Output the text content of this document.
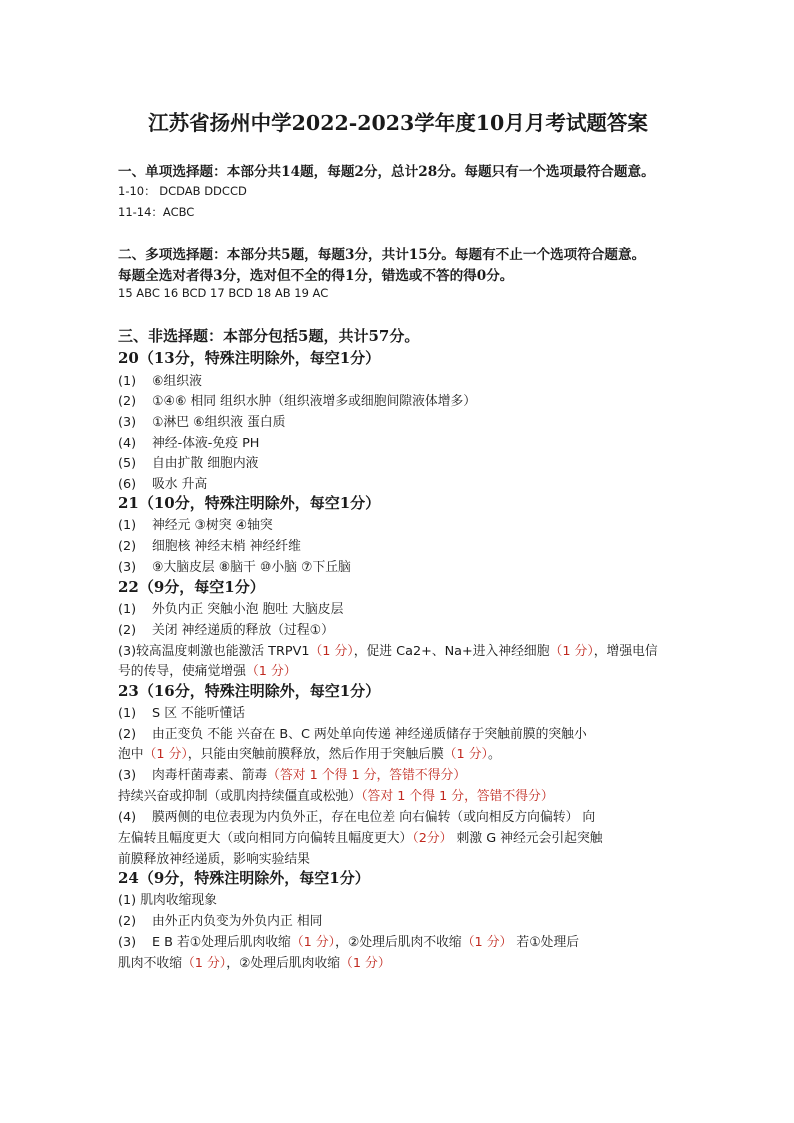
江苏省扬州中学2022-2023学年度10月月考试题答案
一、单项选择题：本部分共14题，每题2分，总计28分。每题只有一个选项最符合题意。
1-10： DCDAB DDCCD
11-14：ACBC
二、多项选择题：本部分共5题，每题3分，共计15分。每题有不止一个选项符合题意。
每题全选对者得3分，选对但不全的得1分，错选或不答的得0分。
15 ABC 16 BCD 17 BCD 18 AB 19 AC
三、非选择题：本部分包括5题，共计57分。
20（13分，特殊注明除外，每空1分）
(1) ⑥组织液
(2) ①④⑥ 相同 组织水肿（组织液增多或细胞间隙液体增多）
(3) ①淋巴 ⑥组织液 蛋白质
(4) 神经-体液-免疫 PH
(5) 自由扩散 细胞内液
(6) 吸水 升高
21（10分，特殊注明除外，每空1分）
(1) 神经元 ③树突 ④轴突
(2) 细胞核 神经末梢 神经纤维
(3) ⑨大脑皮层 ⑧脑干 ⑩小脑 ⑦下丘脑
22（9分，每空1分）
(1) 外负内正 突触小泡 胞吐 大脑皮层
(2) 关闭 神经递质的释放（过程①）
(3)较高温度刺激也能激活 TRPV1（1 分），促进 Ca2+、Na+进入神经细胞（1 分），增强电信
号的传导，使痛觉增强（1 分）
23（16分，特殊注明除外，每空1分）
(1) S 区 不能听懂话
(2) 由正变负 不能 兴奋在 B、C 两处单向传递 神经递质储存于突触前膜的突触小
泡中（1 分），只能由突触前膜释放，然后作用于突触后膜（1 分）。
(3) 肉毒杆菌毒素、箭毒（答对 1 个得 1 分，答错不得分）
持续兴奋或抑制（或肌肉持续僵直或松弛）（答对 1 个得 1 分，答错不得分）
(4) 膜两侧的电位表现为内负外正，存在电位差 向右偏转（或向相反方向偏转） 向
左偏转且幅度更大（或向相同方向偏转且幅度更大）（2分） 刺激 G 神经元会引起突触
前膜释放神经递质，影响实验结果
24（9分，特殊注明除外，每空1分）
(1) 肌肉收缩现象
(2) 由外正内负变为外负内正 相同
(3) E B 若①处理后肌肉收缩（1 分），②处理后肌肉不收缩（1 分） 若①处理后
肌肉不收缩（1 分），②处理后肌肉收缩（1 分）
